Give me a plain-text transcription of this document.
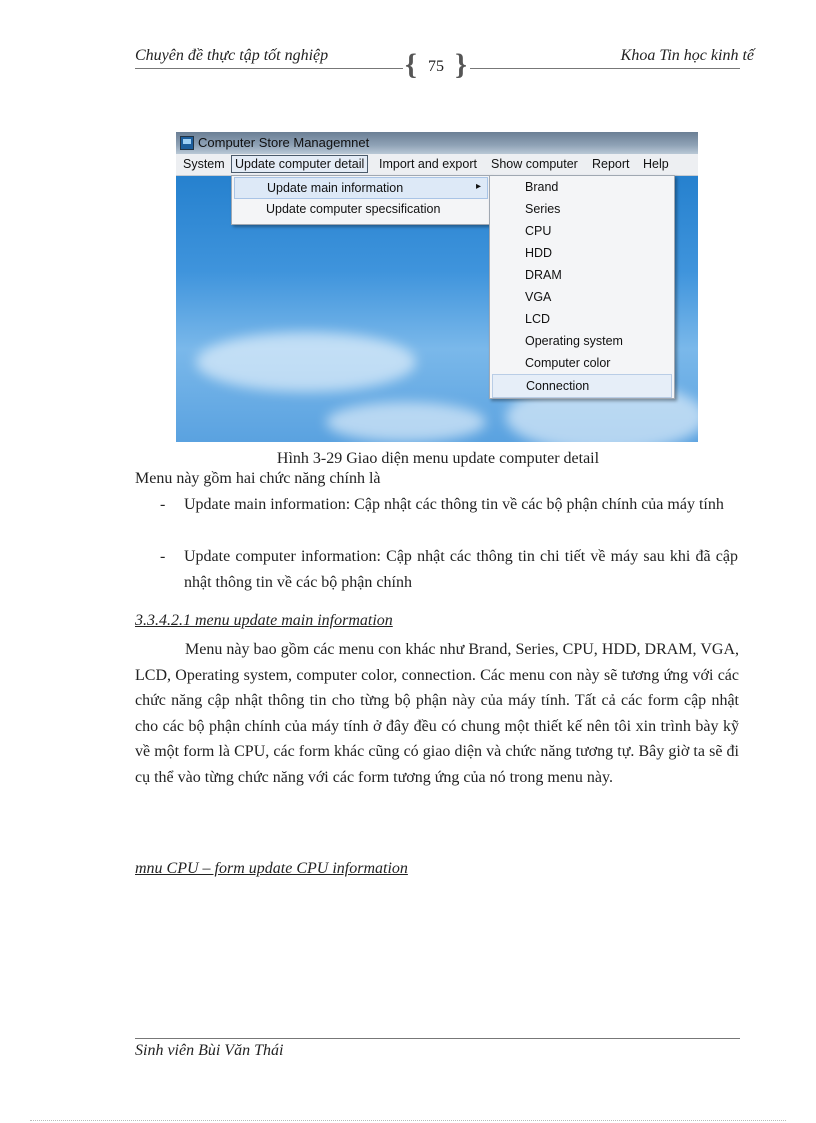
Chuyên đề thực tập tốt nghiệp	{ 75 }	Khoa Tin học kinh tế
Computer Store Managemnet
System Update computer detail	Import and export Show computer Report Help
Update main information	▸
Update computer specsification
Brand
Series
CPU
HDD
DRAM
VGA
LCD
Operating system
Computer color
Connection
Hình 3-29 Giao diện menu update computer detail
Menu này gồm hai chức năng chính là
- Update main information: Cập nhật các thông tin về các bộ phận chính của máy tính
- Update computer information: Cập nhật các thông tin chi tiết về máy sau khi đã cập nhật thông tin về các bộ phận chính
3.3.4.2.1 menu update main information
Menu này bao gồm các menu con khác như Brand, Series, CPU, HDD, DRAM, VGA, LCD, Operating system, computer color, connection. Các menu con này sẽ tương ứng với các chức năng cập nhật thông tin cho từng bộ phận này của máy tính. Tất cả các form cập nhật cho các bộ phận chính của máy tính ở đây đều có chung một thiết kế nên tôi xin trình bày kỹ về một form là CPU, các form khác cũng có giao diện và chức năng tương tự. Bây giờ ta sẽ đi cụ thể vào từng chức năng với các form tương ứng của nó trong menu này.
mnu CPU – form update CPU information
Sinh viên Bùi Văn Thái
